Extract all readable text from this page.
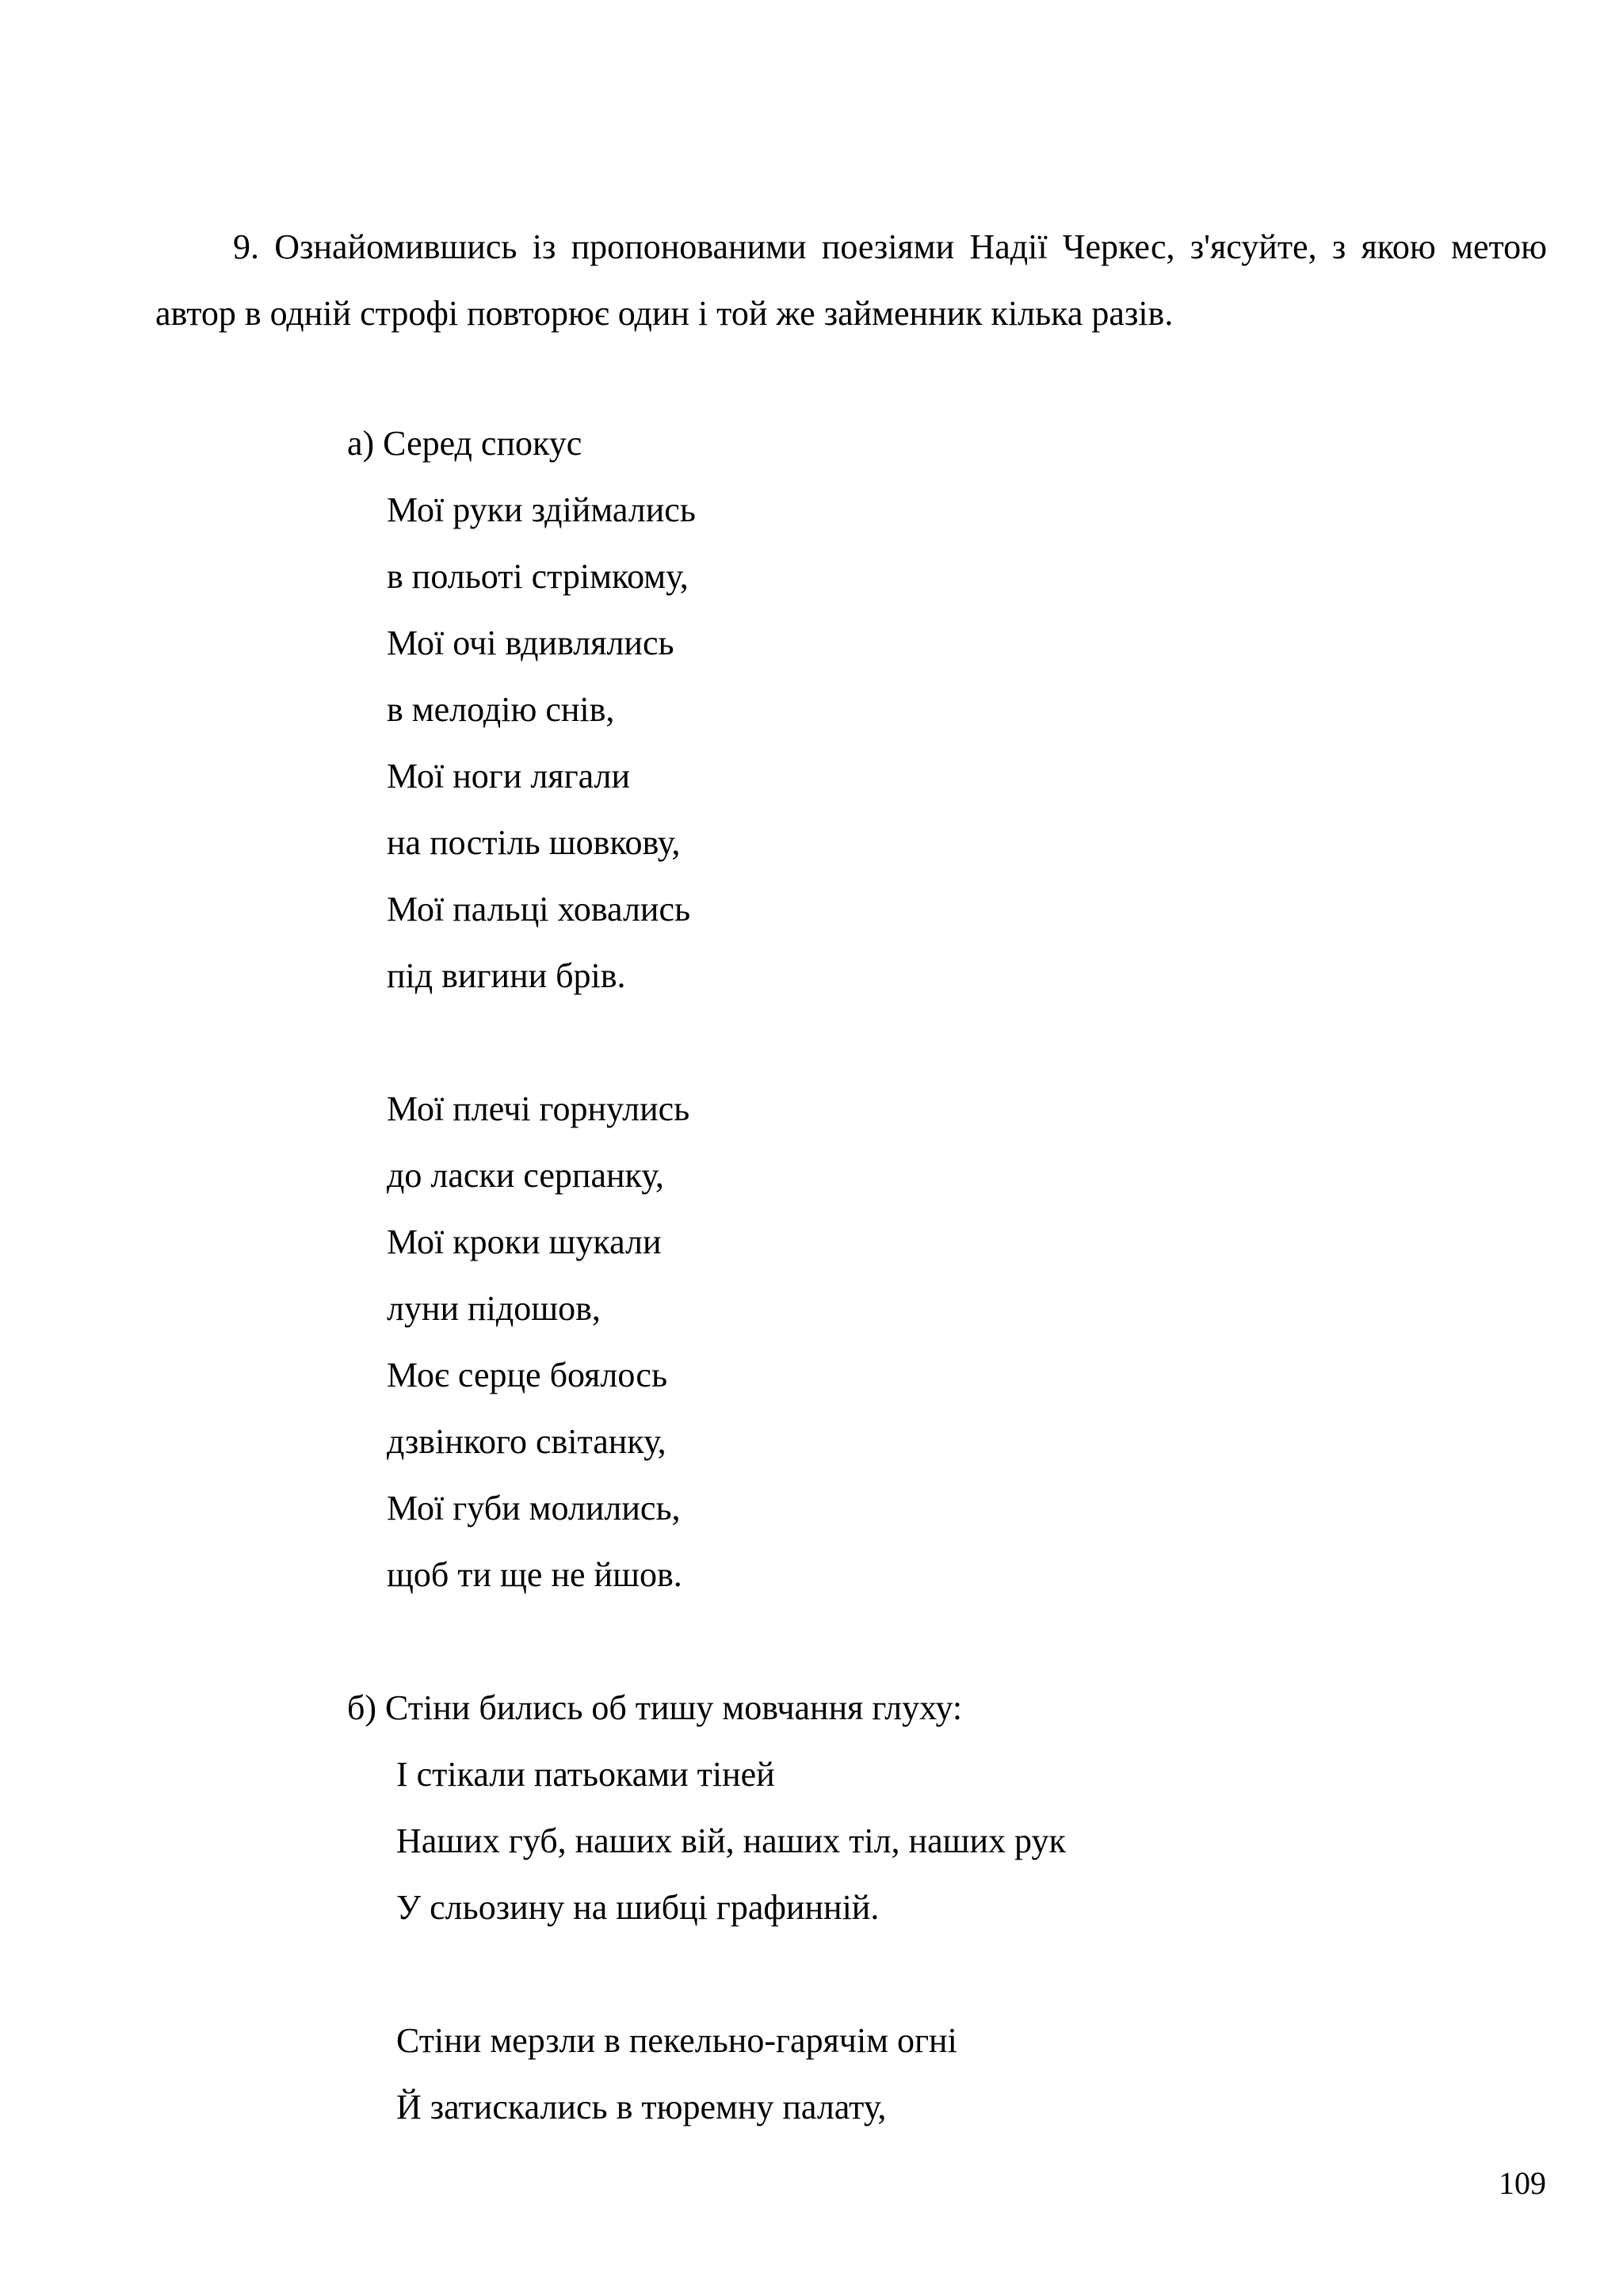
9. Ознайомившись із пропонованими поезіями Надії Черкес, з'ясуйте, з якою метою автор в одній строфі повторює один і той же займенник кілька разів.

а) Серед спокус

Мої руки здіймались

в польоті стрімкому,

Мої очі вдивлялись

в мелодію снів,

Мої ноги лягали

на постіль шовкову,

Мої пальці ховались

під вигини брів.

Мої плечі горнулись

до ласки серпанку,

Мої кроки шукали

луни підошов,

Моє серце боялось

дзвінкого світанку,

Мої губи молились,

щоб ти ще не йшов.

б) Стіни бились об тишу мовчання глуху:

І стікали патьоками тіней

Наших губ, наших вій, наших тіл, наших рук

У сльозину на шибці графинній.

Стіни мерзли в пекельно-гарячім огні

Й затискались в тюремну палату,

109
